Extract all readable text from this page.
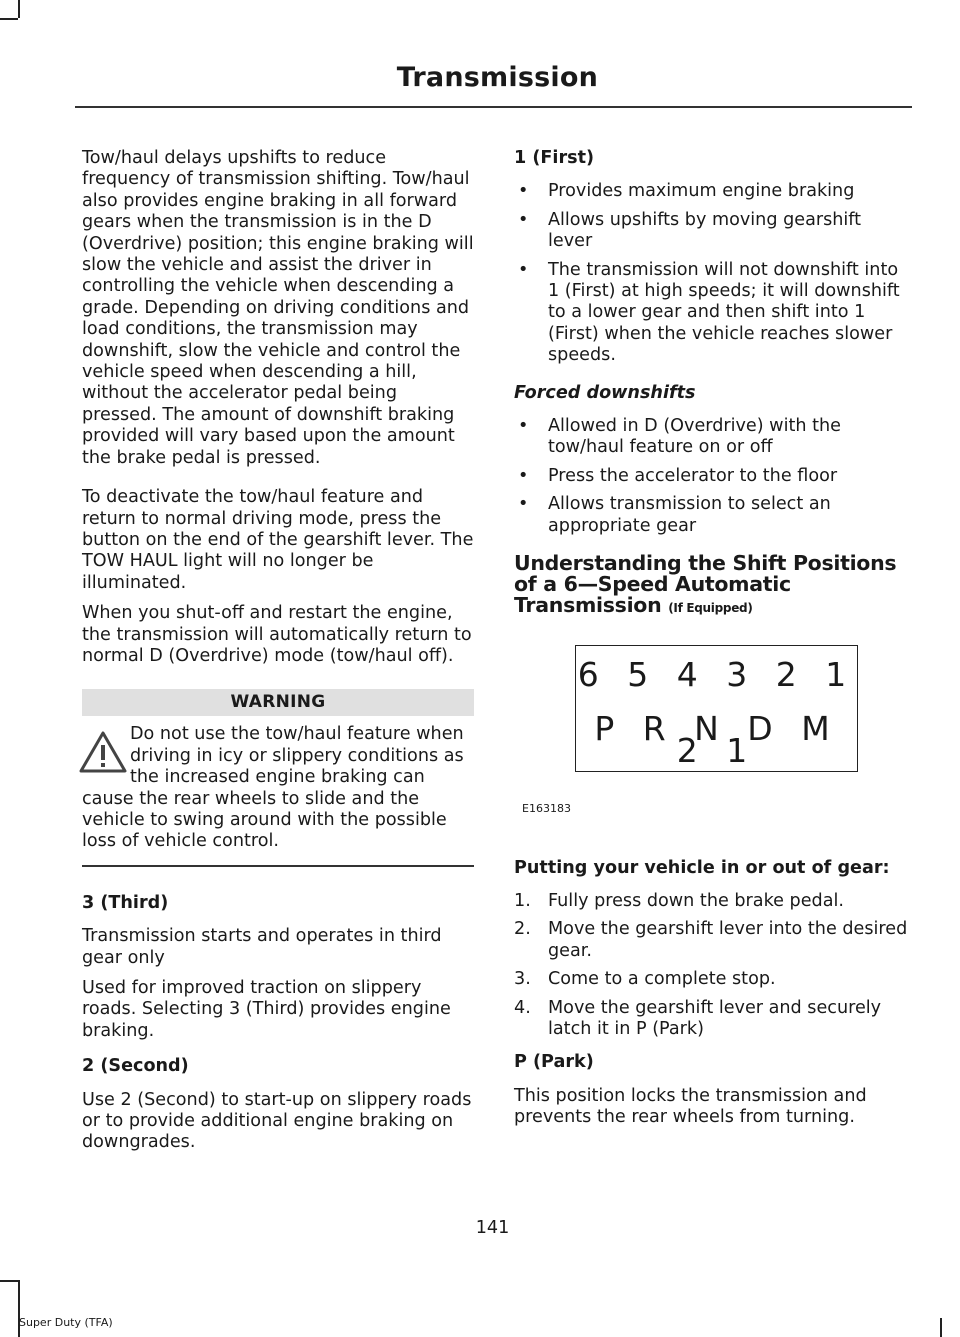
Transmission

Tow/haul delays upshifts to reduce frequency of transmission shifting. Tow/haul also provides engine braking in all forward gears when the transmission is in the D (Overdrive) position; this engine braking will slow the vehicle and assist the driver in controlling the vehicle when descending a grade. Depending on driving conditions and load conditions, the transmission may downshift, slow the vehicle and control the vehicle speed when descending a hill, without the accelerator pedal being pressed. The amount of downshift braking provided will vary based upon the amount the brake pedal is pressed.

To deactivate the tow/haul feature and return to normal driving mode, press the button on the end of the gearshift lever. The TOW HAUL light will no longer be illuminated.

When you shut-off and restart the engine, the transmission will automatically return to normal D (Overdrive) mode (tow/haul off).

WARNING
Do not use the tow/haul feature when driving in icy or slippery conditions as the increased engine braking can cause the rear wheels to slide and the vehicle to swing around with the possible loss of vehicle control.
3 (Third)

Transmission starts and operates in third gear only

Used for improved traction on slippery roads. Selecting 3 (Third) provides engine braking.

2 (Second)

Use 2 (Second) to start-up on slippery roads or to provide additional engine braking on downgrades.

1 (First)
• Provides maximum engine braking
• Allows upshifts by moving gearshift lever
• The transmission will not downshift into 1 (First) at high speeds; it will downshift to a lower gear and then shift into 1 (First) when the vehicle reaches slower speeds.
Forced downshifts
• Allowed in D (Overdrive) with the tow/haul feature on or off
• Press the accelerator to the floor
• Allows transmission to select an appropriate gear
Understanding the Shift Positions of a 6—Speed Automatic Transmission (If Equipped)
6 5 4 3 2 1
P R N D M 2 1
E163183
Putting your vehicle in or out of gear:
1. Fully press down the brake pedal.
2. Move the gearshift lever into the desired gear.
3. Come to a complete stop.
4. Move the gearshift lever and securely latch it in P (Park)
P (Park)

This position locks the transmission and prevents the rear wheels from turning.

141
Super Duty (TFA)
